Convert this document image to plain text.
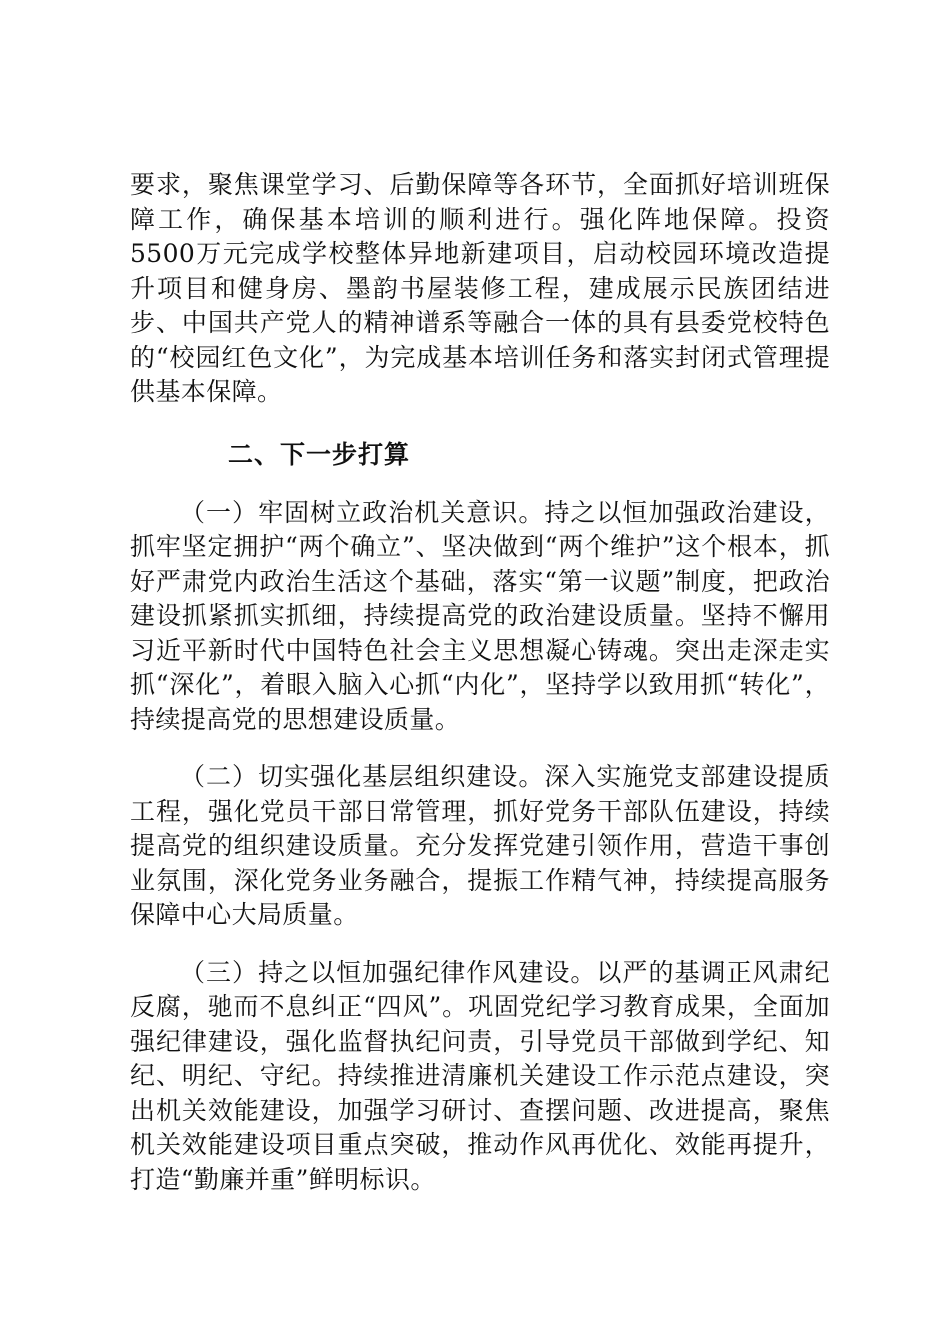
要求，聚焦课堂学习、后勤保障等各环节，全面抓好培训班保障工作，确保基本培训的顺利进行。强化阵地保障。投资5500万元完成学校整体异地新建项目，启动校园环境改造提升项目和健身房、墨韵书屋装修工程，建成展示民族团结进步、中国共产党人的精神谱系等融合一体的具有县委党校特色的“校园红色文化”，为完成基本培训任务和落实封闭式管理提供基本保障。

二、下一步打算

（一）牢固树立政治机关意识。持之以恒加强政治建设，抓牢坚定拥护“两个确立”、坚决做到“两个维护”这个根本，抓好严肃党内政治生活这个基础，落实“第一议题”制度，把政治建设抓紧抓实抓细，持续提高党的政治建设质量。坚持不懈用习近平新时代中国特色社会主义思想凝心铸魂。突出走深走实抓“深化”，着眼入脑入心抓“内化”，坚持学以致用抓“转化”，持续提高党的思想建设质量。

（二）切实强化基层组织建设。深入实施党支部建设提质工程，强化党员干部日常管理，抓好党务干部队伍建设，持续提高党的组织建设质量。充分发挥党建引领作用，营造干事创业氛围，深化党务业务融合，提振工作精气神，持续提高服务保障中心大局质量。

（三）持之以恒加强纪律作风建设。以严的基调正风肃纪反腐，驰而不息纠正“四风”。巩固党纪学习教育成果，全面加强纪律建设，强化监督执纪问责，引导党员干部做到学纪、知纪、明纪、守纪。持续推进清廉机关建设工作示范点建设，突出机关效能建设，加强学习研讨、查摆问题、改进提高，聚焦机关效能建设项目重点突破，推动作风再优化、效能再提升，打造“勤廉并重”鲜明标识。
